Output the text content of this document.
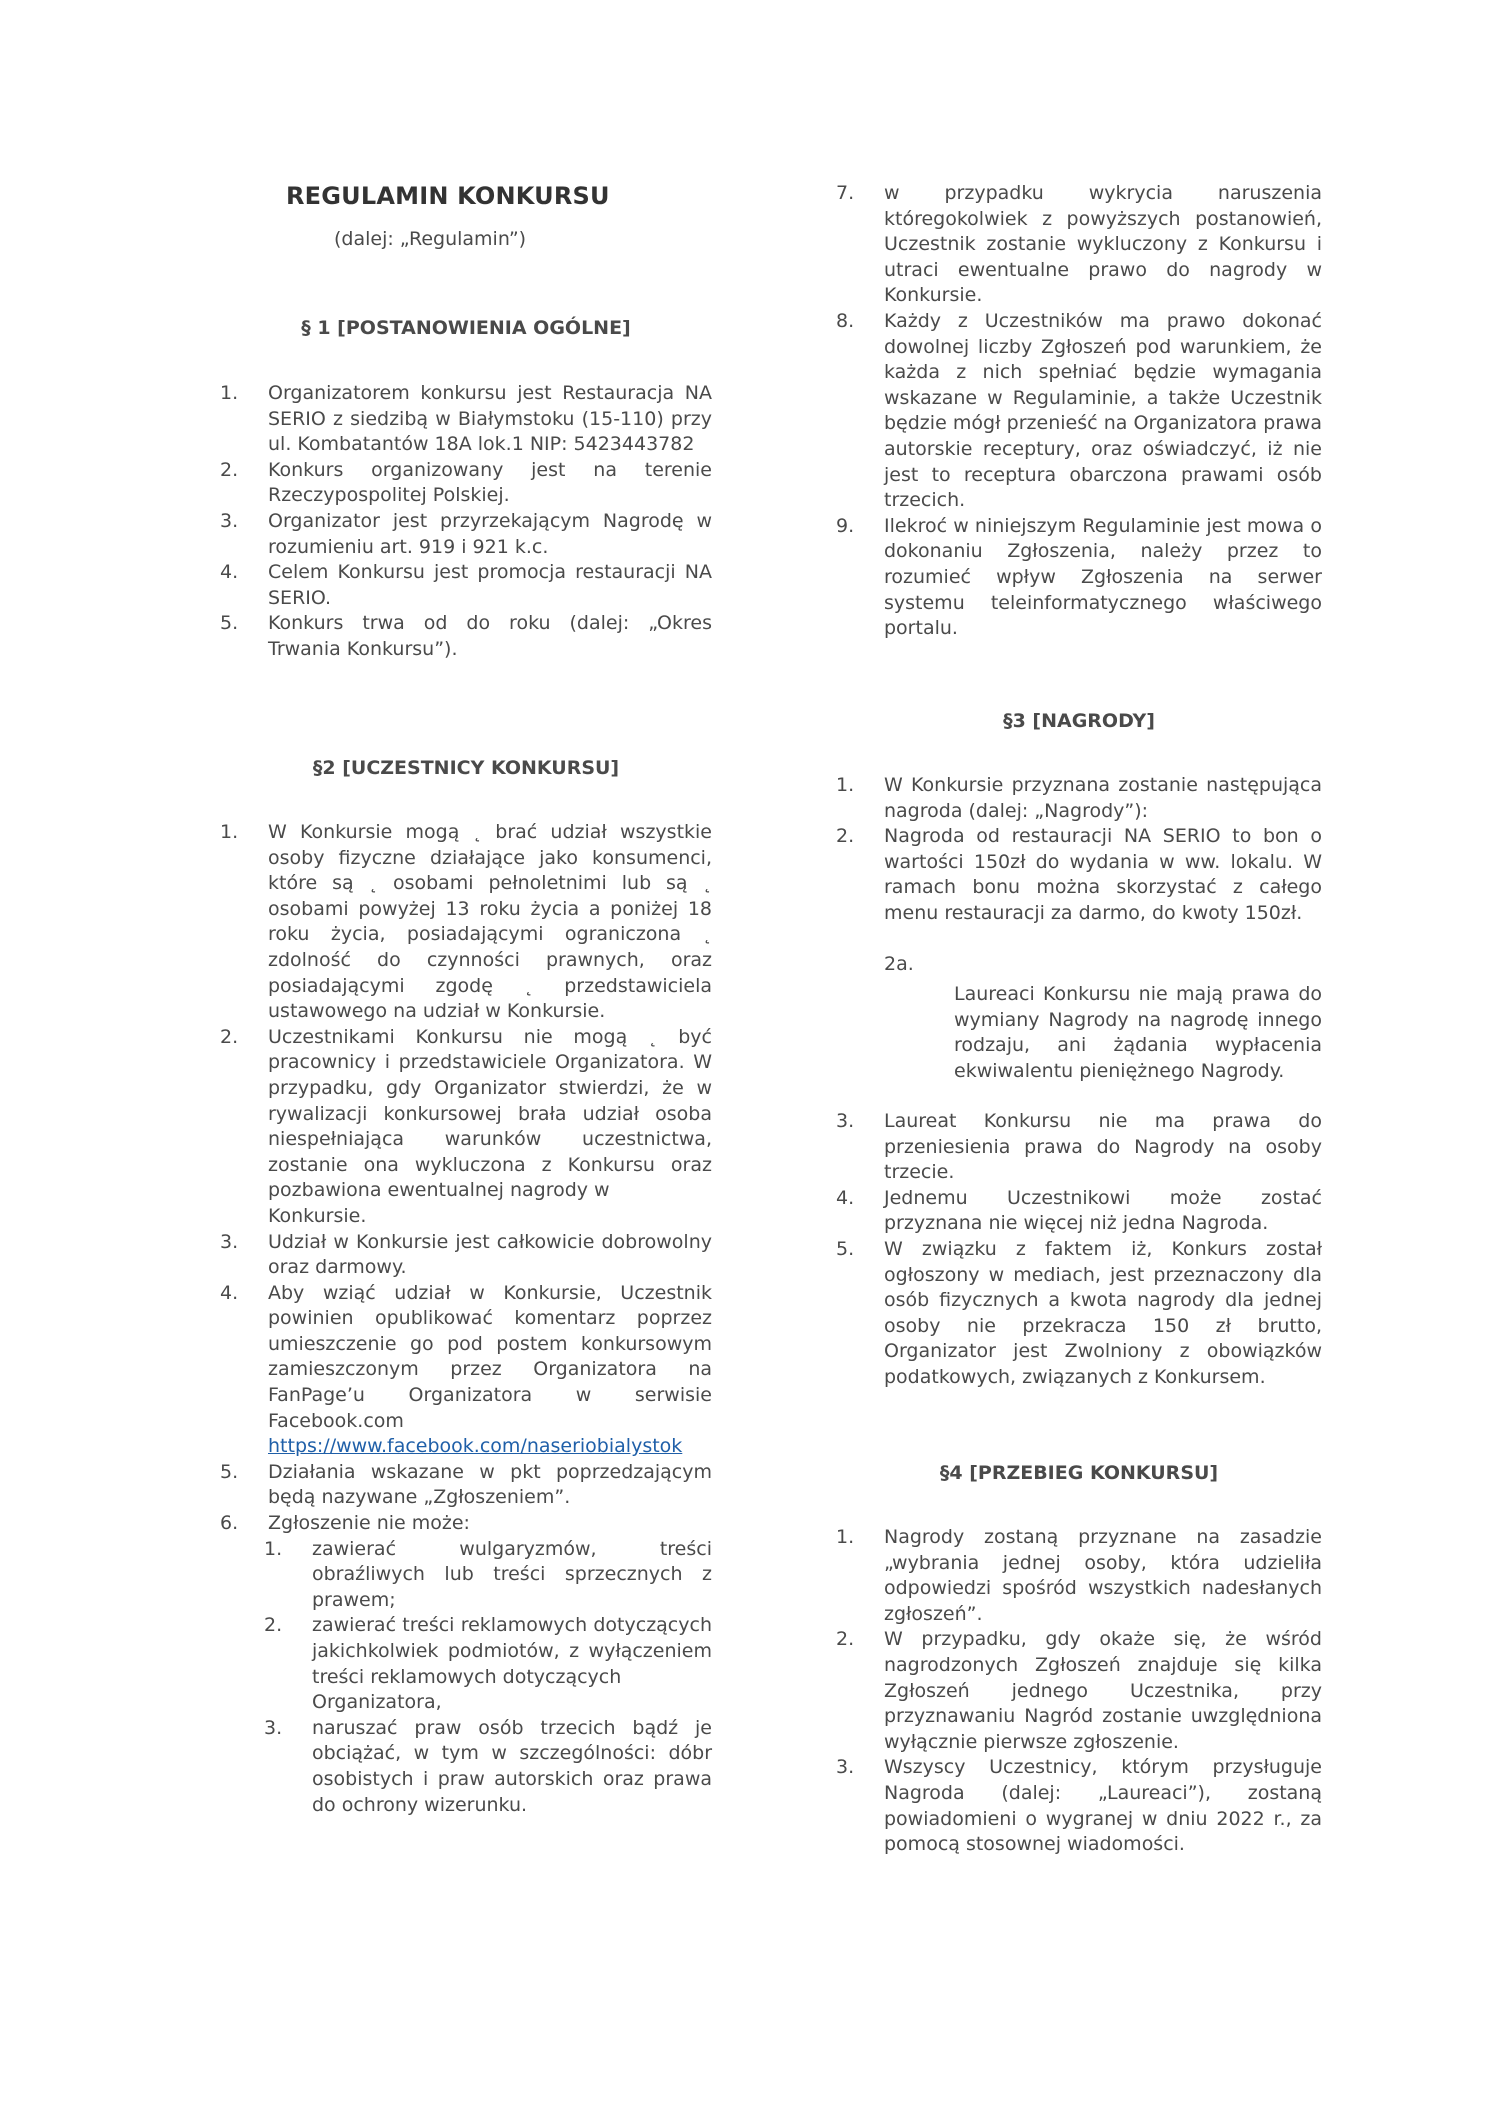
REGULAMIN KONKURSU
(dalej: „Regulamin”)
§ 1 [POSTANOWIENIA OGÓLNE]
1. Organizatorem konkursu jest Restauracja NA SERIO z siedzibą w Białymstoku (15-110) przy ul. Kombatantów 18A lok.1 NIP: 5423443782
2. Konkurs organizowany jest na terenie Rzeczypospolitej Polskiej.
3. Organizator jest przyrzekającym Nagrodę w rozumieniu art. 919 i 921 k.c.
4. Celem Konkursu jest promocja restauracji NA SERIO.
5. Konkurs trwa od do roku (dalej: „Okres Trwania Konkursu”).
§2 [UCZESTNICY KONKURSU]
1. W Konkursie mogą ˛ brać udział wszystkie osoby fizyczne działające jako konsumenci, które są ˛ osobami pełnoletnimi lub są ˛ osobami powyżej 13 roku życia a poniżej 18 roku życia, posiadającymi ograniczona ˛ zdolność do czynności prawnych, oraz posiadającymi zgodę ˛ przedstawiciela ustawowego na udział w Konkursie.
2. Uczestnikami Konkursu nie mogą ˛ być pracownicy i przedstawiciele Organizatora. W przypadku, gdy Organizator stwierdzi, że w rywalizacji konkursowej brała udział osoba niespełniająca warunków uczestnictwa, zostanie ona wykluczona z Konkursu oraz pozbawiona ewentualnej nagrody w
Konkursie.
3. Udział w Konkursie jest całkowicie dobrowolny oraz darmowy.
4. Aby wziąć udział w Konkursie, Uczestnik powinien opublikować komentarz poprzez umieszczenie go pod postem konkursowym zamieszczonym przez Organizatora na FanPage’u Organizatora w serwisie Facebook.com
https://www.facebook.com/naseriobialystok
5. Działania wskazane w pkt poprzedzającym będą nazywane „Zgłoszeniem”.
6. Zgłoszenie nie może:
1. zawierać wulgaryzmów, treści obraźliwych lub treści sprzecznych z prawem;
2. zawierać treści reklamowych dotyczących jakichkolwiek podmiotów, z wyłączeniem treści reklamowych dotyczących
Organizatora,
3. naruszać praw osób trzecich bądź je obciążać, w tym w szczególności: dóbr osobistych i praw autorskich oraz prawa do ochrony wizerunku.
7. w przypadku wykrycia naruszenia któregokolwiek z powyższych postanowień, Uczestnik zostanie wykluczony z Konkursu i utraci ewentualne prawo do nagrody w Konkursie.
8. Każdy z Uczestników ma prawo dokonać dowolnej liczby Zgłoszeń pod warunkiem, że każda z nich spełniać będzie wymagania wskazane w Regulaminie, a także Uczestnik będzie mógł przenieść na Organizatora prawa autorskie receptury, oraz oświadczyć, iż nie jest to receptura obarczona prawami osób trzecich.
9. Ilekroć w niniejszym Regulaminie jest mowa o dokonaniu Zgłoszenia, należy przez to rozumieć wpływ Zgłoszenia na serwer systemu teleinformatycznego właściwego portalu.
§3 [NAGRODY]
1. W Konkursie przyznana zostanie następująca nagroda (dalej: „Nagrody”):
2. Nagroda od restauracji NA SERIO to bon o wartości 150zł do wydania w ww. lokalu. W ramach bonu można skorzystać z całego menu restauracji za darmo, do kwoty 150zł.
2a.
Laureaci Konkursu nie mają prawa do wymiany Nagrody na nagrodę innego rodzaju, ani żądania wypłacenia ekwiwalentu pieniężnego Nagrody.
3. Laureat Konkursu nie ma prawa do przeniesienia prawa do Nagrody na osoby trzecie.
4. Jednemu Uczestnikowi może zostać przyznana nie więcej niż jedna Nagroda.
5. W związku z faktem iż, Konkurs został ogłoszony w mediach, jest przeznaczony dla osób fizycznych a kwota nagrody dla jednej osoby nie przekracza 150 zł brutto, Organizator jest Zwolniony z obowiązków podatkowych, związanych z Konkursem.
§4 [PRZEBIEG KONKURSU]
1. Nagrody zostaną przyznane na zasadzie „wybrania jednej osoby, która udzieliła odpowiedzi spośród wszystkich nadesłanych zgłoszeń”.
2. W przypadku, gdy okaże się, że wśród nagrodzonych Zgłoszeń znajduje się kilka Zgłoszeń jednego Uczestnika, przy przyznawaniu Nagród zostanie uwzględniona wyłącznie pierwsze zgłoszenie.
3. Wszyscy Uczestnicy, którym przysługuje Nagroda (dalej: „Laureaci”), zostaną powiadomieni o wygranej w dniu 2022 r., za pomocą stosownej wiadomości.
